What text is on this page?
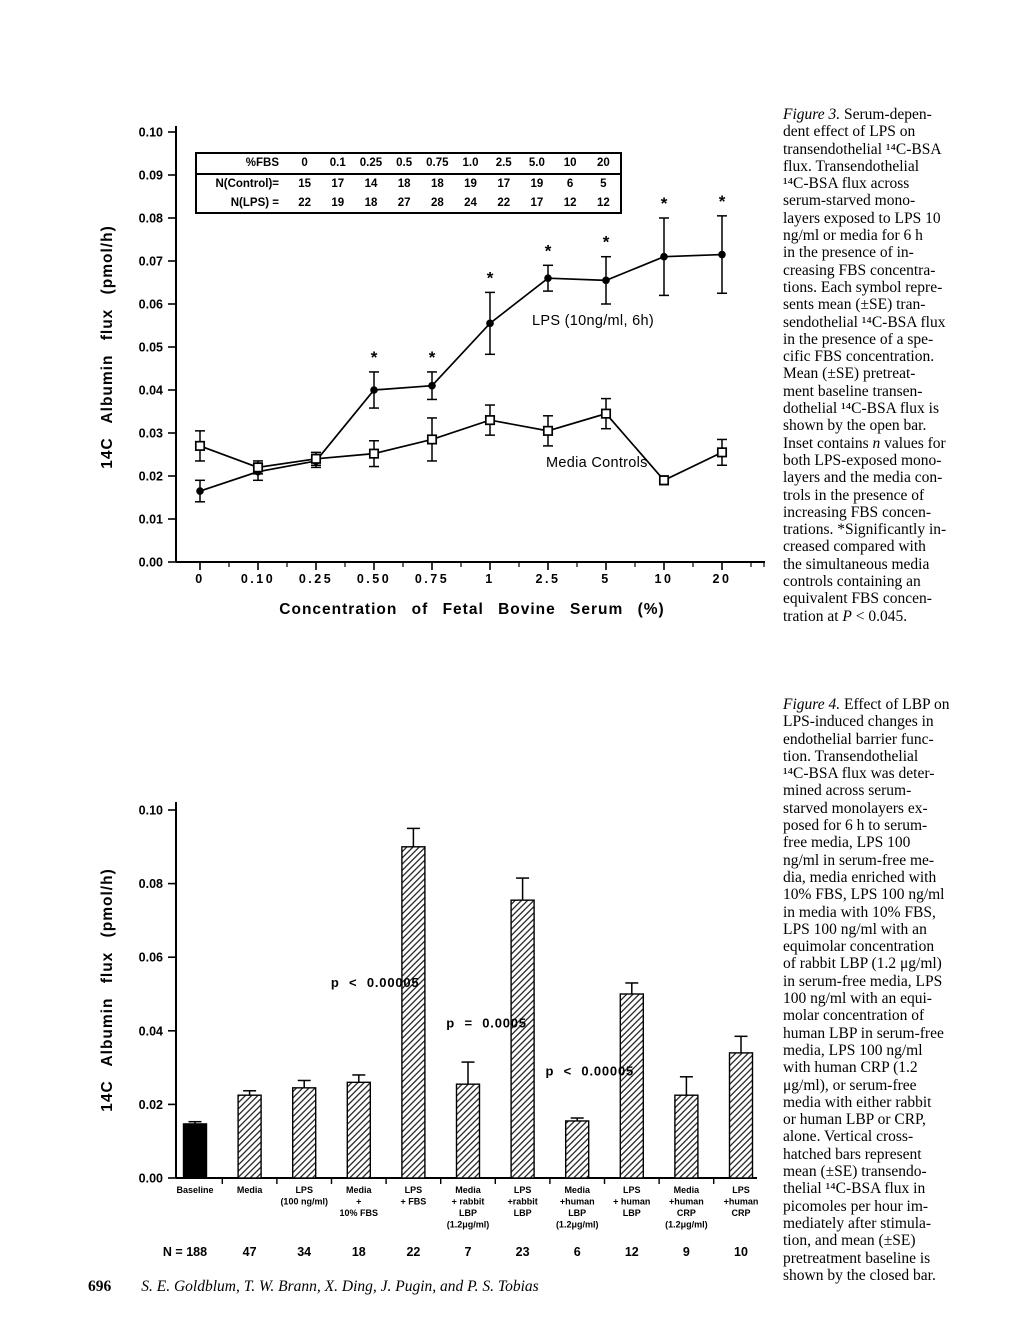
0.00
0.01
0.02
0.03
0.04
0.05
0.06
0.07
0.08
0.09
0.10
0	0.10 0.25 0.50 0.75	1	2.5	5	10	20
*	*
*
*	*
*	*
LPS (10ng/ml, 6h)
Media Controls
Concentration of Fetal Bovine Serum (%)
14C Albumin flux (pmol/h)
0.00
0.02
0.04
0.06
0.08
0.10
Baseline	Media	LPS
(100 ng/ml)
Media
+
10% FBS
LPS
+ FBS
Media
+ rabbit
LBP
(1.2μg/ml)
LPS
+rabbit
LBP
Media
+human
LBP
(1.2μg/ml)
LPS
+ human
LBP
Media
+human
CRP
(1.2μg/ml)
LPS
+human
CRP
N = 188	47	34	18	22	7	23	6	12	9	10
p < 0.00005
p = 0.0005
p < 0.00005
14C Albumin flux (pmol/h)
%FBS	0	0.1	0.25	0.5	0.75	1.0	2.5	5.0	10	20
N(Control)=	15	17	14	18	18	19	17	19	6	5
N(LPS) =	22	19	18	27	28	24	22	17	12	12
Figure 3. Serum-depen-
dent effect of LPS on
transendothelial ¹⁴C-BSA
flux. Transendothelial
¹⁴C-BSA flux across
serum-starved mono-
layers exposed to LPS 10
ng/ml or media for 6 h
in the presence of in-
creasing FBS concentra-
tions. Each symbol repre-
sents mean (±SE) tran-
sendothelial ¹⁴C-BSA flux
in the presence of a spe-
cific FBS concentration.
Mean (±SE) pretreat-
ment baseline transen-
dothelial ¹⁴C-BSA flux is
shown by the open bar.
Inset contains n values for
both LPS-exposed mono-
layers and the media con-
trols in the presence of
increasing FBS concen-
trations. *Significantly in-
creased compared with
the simultaneous media
controls containing an
equivalent FBS concen-
tration at P < 0.045.
Figure 4. Effect of LBP on
LPS-induced changes in
endothelial barrier func-
tion. Transendothelial
¹⁴C-BSA flux was deter-
mined across serum-
starved monolayers ex-
posed for 6 h to serum-
free media, LPS 100
ng/ml in serum-free me-
dia, media enriched with
10% FBS, LPS 100 ng/ml
in media with 10% FBS,
LPS 100 ng/ml with an
equimolar concentration
of rabbit LBP (1.2 μg/ml)
in serum-free media, LPS
100 ng/ml with an equi-
molar concentration of
human LBP in serum-free
media, LPS 100 ng/ml
with human CRP (1.2
μg/ml), or serum-free
media with either rabbit
or human LBP or CRP,
alone. Vertical cross-
hatched bars represent
mean (±SE) transendo-
thelial ¹⁴C-BSA flux in
picomoles per hour im-
mediately after stimula-
tion, and mean (±SE)
pretreatment baseline is
shown by the closed bar.
696 S. E. Goldblum, T. W. Brann, X. Ding, J. Pugin, and P. S. Tobias
